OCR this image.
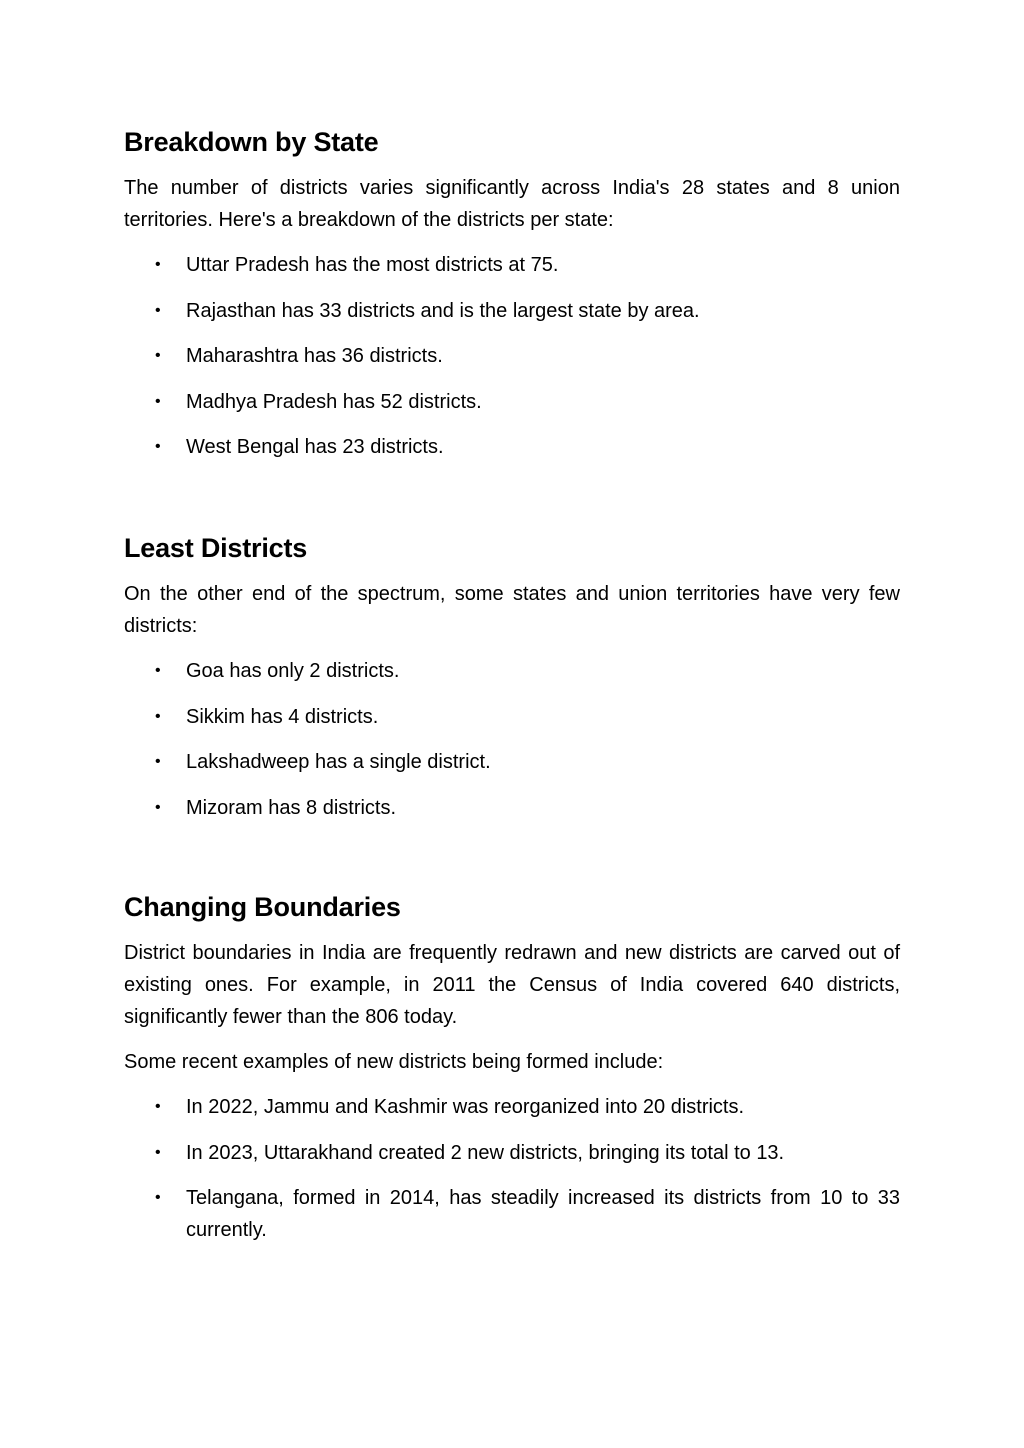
Breakdown by State

The number of districts varies significantly across India's 28 states and 8 union territories. Here's a breakdown of the districts per state:

• Uttar Pradesh has the most districts at 75.
• Rajasthan has 33 districts and is the largest state by area.
• Maharashtra has 36 districts.
• Madhya Pradesh has 52 districts.
• West Bengal has 23 districts.
Least Districts

On the other end of the spectrum, some states and union territories have very few districts:

• Goa has only 2 districts.
• Sikkim has 4 districts.
• Lakshadweep has a single district.
• Mizoram has 8 districts.
Changing Boundaries

District boundaries in India are frequently redrawn and new districts are carved out of existing ones. For example, in 2011 the Census of India covered 640 districts, significantly fewer than the 806 today.

Some recent examples of new districts being formed include:

• In 2022, Jammu and Kashmir was reorganized into 20 districts.
• In 2023, Uttarakhand created 2 new districts, bringing its total to 13.
• Telangana, formed in 2014, has steadily increased its districts from 10 to 33 currently.
